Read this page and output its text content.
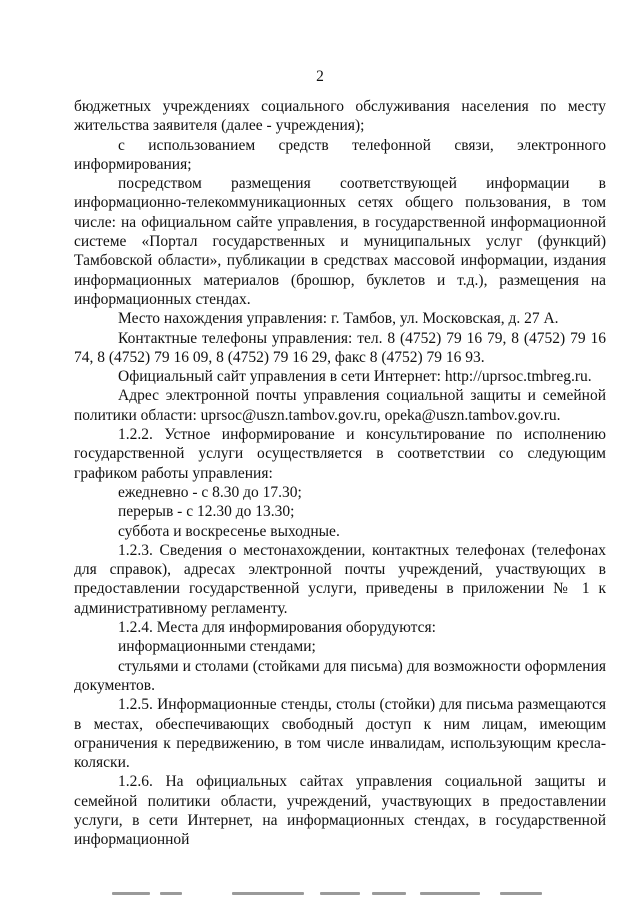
2

бюджетных учреждениях социального обслуживания населения по месту жительства заявителя (далее - учреждения);

с использованием средств телефонной связи, электронного информирования;

посредством размещения соответствующей информации в информационно-телекоммуникационных сетях общего пользования, в том числе: на официальном сайте управления, в государственной информационной системе «Портал государственных и муниципальных услуг (функций) Тамбовской области», публикации в средствах массовой информации, издания информационных материалов (брошюр, буклетов и т.д.), размещения на информационных стендах.

Место нахождения управления: г. Тамбов, ул. Московская, д. 27 А.

Контактные телефоны управления: тел. 8 (4752) 79 16 79, 8 (4752) 79 16 74, 8 (4752) 79 16 09, 8 (4752) 79 16 29, факс 8 (4752) 79 16 93.

Официальный сайт управления в сети Интернет: http://uprsoc.tmbreg.ru.

Адрес электронной почты управления социальной защиты и семейной политики области: uprsoc@uszn.tambov.gov.ru, opeka@uszn.tambov.gov.ru.

1.2.2. Устное информирование и консультирование по исполнению государственной услуги осуществляется в соответствии со следующим графиком работы управления:

ежедневно - с 8.30 до 17.30;

перерыв - с 12.30 до 13.30;

суббота и воскресенье выходные.

1.2.3. Сведения о местонахождении, контактных телефонах (телефонах для справок), адресах электронной почты учреждений, участвующих в предоставлении государственной услуги, приведены в приложении № 1 к административному регламенту.

1.2.4. Места для информирования оборудуются:

информационными стендами;

стульями и столами (стойками для письма) для возможности оформления документов.

1.2.5. Информационные стенды, столы (стойки) для письма размещаются в местах, обеспечивающих свободный доступ к ним лицам, имеющим ограничения к передвижению, в том числе инвалидам, использующим кресла-коляски.

1.2.6. На официальных сайтах управления социальной защиты и семейной политики области, учреждений, участвующих в предоставлении услуги, в сети Интернет, на информационных стендах, в государственной информационной
